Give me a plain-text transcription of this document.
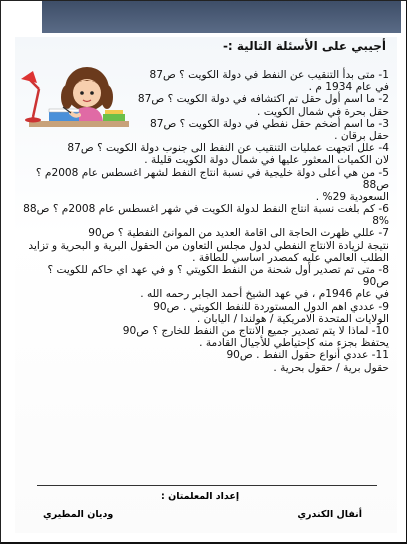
أجيبي على الأسئلة التالية :-
1- متى بدأ التنقيب عن النفط في دولة الكويت ؟ ص87
في عام 1934 م .
2- ما اسم أول حقل تم اكتشافه في دولة الكويت ؟ ص87
حقل بحرة في شمال الكويت .
3- ما اسم أضخم حقل نفطي في دولة الكويت ؟ ص87
حقل برقان .
4- علل اتجهت عمليات التنقيب عن النفط الى جنوب دولة الكويت ؟ ص87
لان الكميات المعثور عليها في شمال دولة الكويت قليلة .
5- من هي أعلى دولة خليجية في نسبة انتاج النفط لشهر اغسطس عام 2008م ؟
ص88
السعودية 29% .
6- كم بلغت نسبة انتاج النفط لدولة الكويت في شهر اغسطس عام 2008م ؟ ص88
8%
7- عللي ظهرت الحاجة الى اقامة العديد من الموانئ النفطية ؟ ص90
نتيجة لزيادة الانتاج النفطي لدول مجلس التعاون من الحقول البرية و البحرية و تزايد
الطلب العالمي عليه كمصدر اساسي للطاقة .
8- متى تم تصدير أول شحنة من النفط الكويتي ؟ و في عهد اي حاكم للكويت ؟
ص90
في عام 1946م ، في عهد الشيخ أحمد الجابر رحمه الله .
9- عددي اهم الدول المستوردة للنفط الكويتي . ص90
الولايات المتحدة الامريكية / هولندا / اليابان .
10- لماذا لا يتم تصدير جميع الانتاج من النفط للخارج ؟ ص90
يحتفظ بجزء منه كإحتياطي للأجيال القادمة .
11- عددي أنواع حقول النفط . ص90
حقول برية / حقول بحرية .
إعداد المعلمتان :
أنفال الكندري
وديان المطيري
